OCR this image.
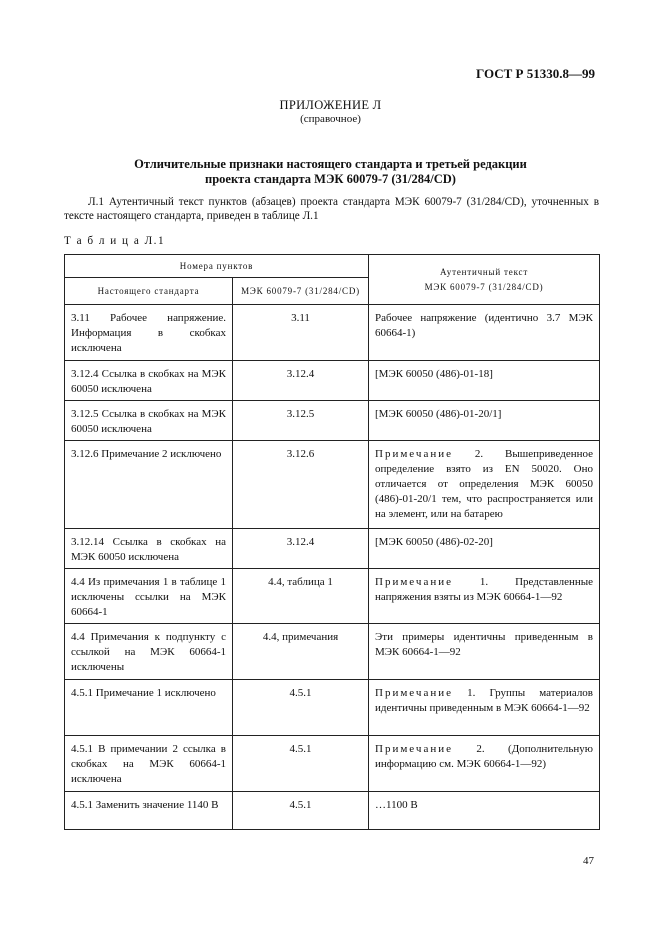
ГОСТ Р 51330.8—99
ПРИЛОЖЕНИЕ Л
(справочное)
Отличительные признаки настоящего стандарта и третьей редакции
проекта стандарта МЭК 60079-7 (31/284/CD)
Л.1 Аутентичный текст пунктов (абзацев) проекта стандарта МЭК 60079-7 (31/284/CD), уточненных в тексте настоящего стандарта, приведен в таблице Л.1
Т а б л и ц а Л.1
Номера пунктов		Аутентичный текст
МЭК 60079-7 (31/284/CD)

Настоящего стандарта	МЭК 60079-7 (31/284/CD)	
3.11 Рабочее напряжение. Информация в скобках исключена	3.11	Рабочее напряжение (идентично 3.7 МЭК 60664-1)
3.12.4 Ссылка в скобках на МЭК 60050 исключена	3.12.4	[МЭК 60050 (486)-01-18]
3.12.5 Ссылка в скобках на МЭК 60050 исключена	3.12.5	[МЭК 60050 (486)-01-20/1]
3.12.6 Примечание 2 исключено	3.12.6	Примечание 2. Вышеприведенное определение взято из EN 50020. Оно отличается от определения МЭК 60050 (486)-01-20/1 тем, что распространяется или на элемент, или на батарею
3.12.14 Ссылка в скобках на МЭК 60050 исключена	3.12.4	[МЭК 60050 (486)-02-20]
4.4 Из примечания 1 в таблице 1 исключены ссылки на МЭК 60664-1	4.4, таблица 1	Примечание 1. Представленные напряжения взяты из МЭК 60664-1—92
4.4 Примечания к подпункту с ссылкой на МЭК 60664-1 исключены	4.4, примечания	Эти примеры идентичны приведенным в МЭК 60664-1—92
4.5.1 Примечание 1 исключено	4.5.1	Примечание 1. Группы материалов идентичны приведенным в МЭК 60664-1—92
4.5.1 В примечании 2 ссылка в скобках на МЭК 60664-1 исключена	4.5.1	Примечание 2. (Дополнительную информацию см. МЭК 60664-1—92)
4.5.1 Заменить значение 1140 В	4.5.1	…1100 В
47
